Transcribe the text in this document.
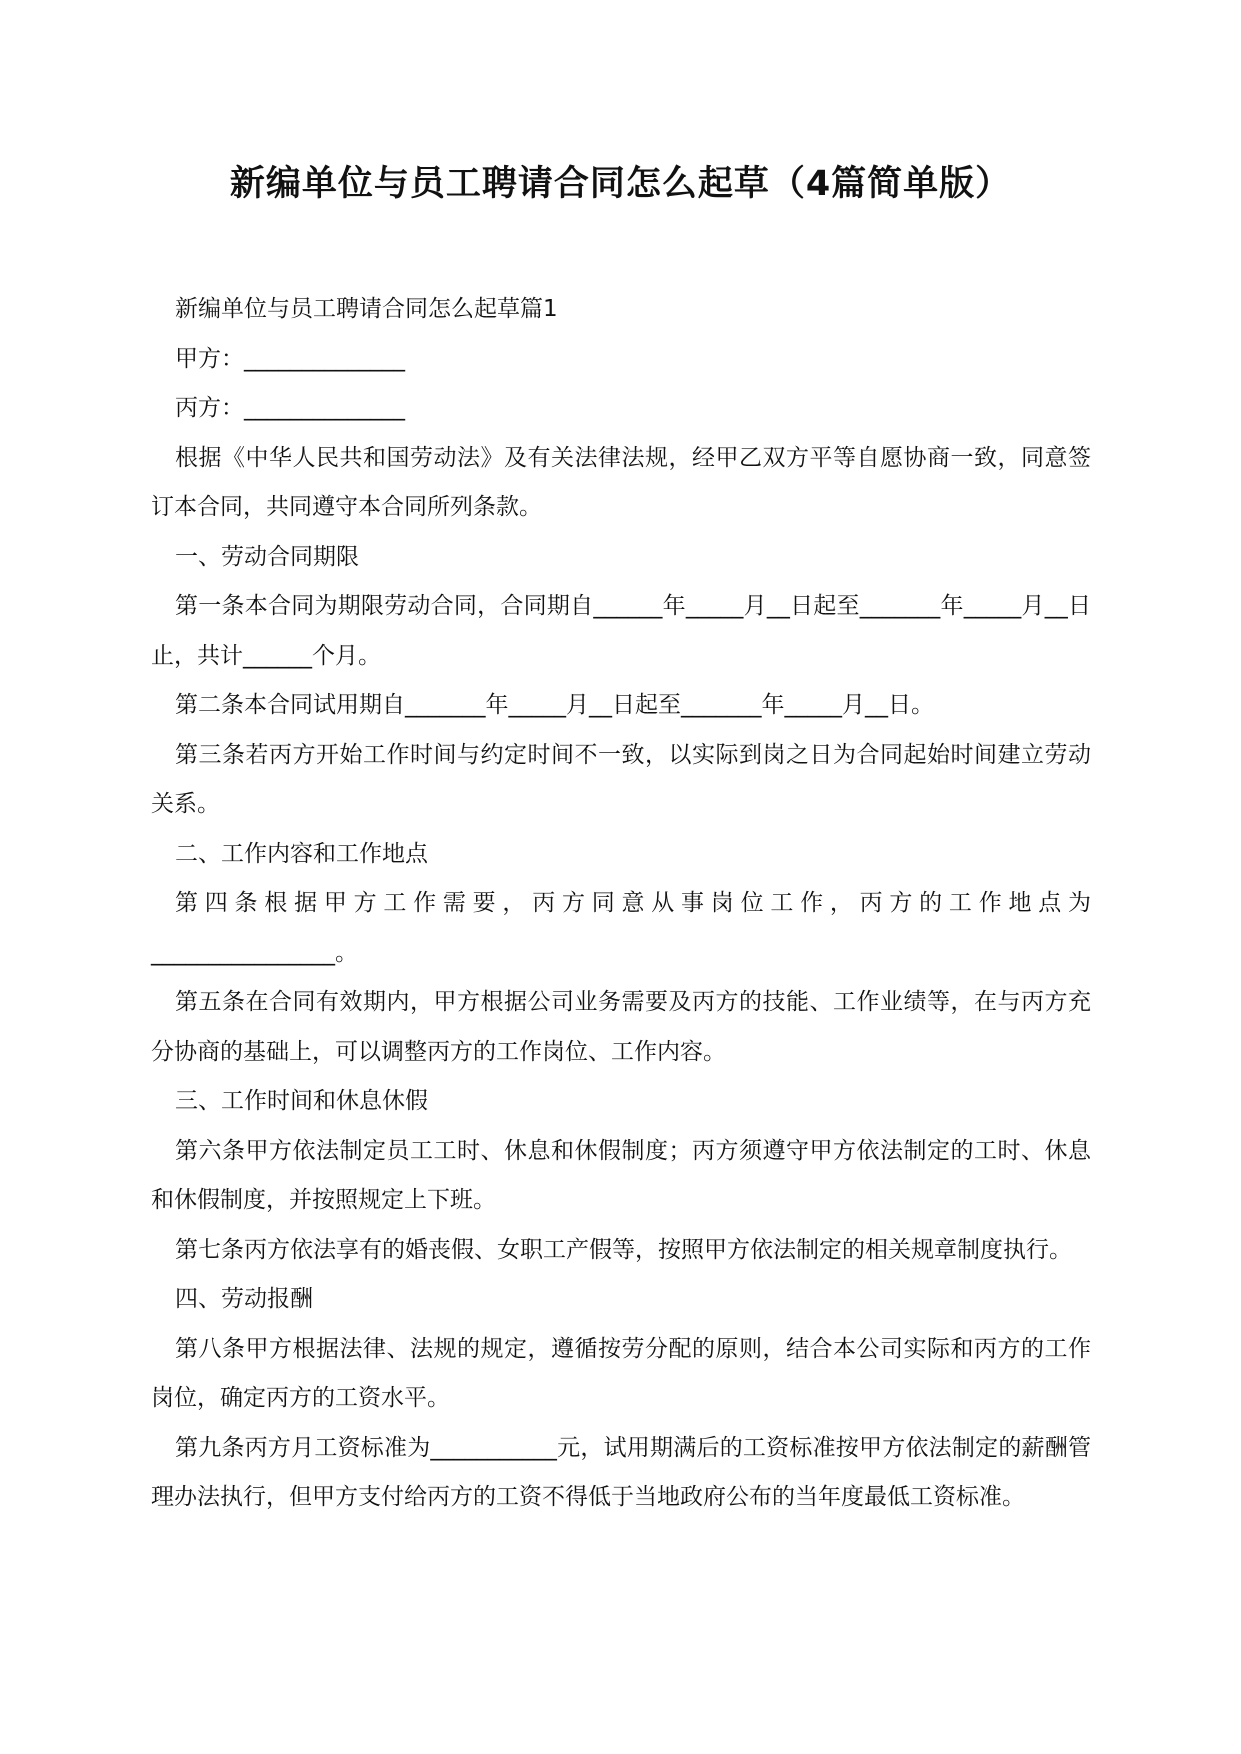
新编单位与员工聘请合同怎么起草（4篇简单版）

新编单位与员工聘请合同怎么起草篇1

甲方：______________

丙方：______________

根据《中华人民共和国劳动法》及有关法律法规，经甲乙双方平等自愿协商一致，同意签订本合同，共同遵守本合同所列条款。

一、劳动合同期限

第一条本合同为期限劳动合同，合同期自______年_____月__日起至_______年_____月__日止，共计______个月。

第二条本合同试用期自_______年_____月__日起至_______年_____月__日。

第三条若丙方开始工作时间与约定时间不一致，以实际到岗之日为合同起始时间建立劳动关系。

二、工作内容和工作地点

第四条根据甲方工作需要，丙方同意从事岗位工作，丙方的工作地点为________________。

第五条在合同有效期内，甲方根据公司业务需要及丙方的技能、工作业绩等，在与丙方充分协商的基础上，可以调整丙方的工作岗位、工作内容。

三、工作时间和休息休假

第六条甲方依法制定员工工时、休息和休假制度；丙方须遵守甲方依法制定的工时、休息和休假制度，并按照规定上下班。

第七条丙方依法享有的婚丧假、女职工产假等，按照甲方依法制定的相关规章制度执行。

四、劳动报酬

第八条甲方根据法律、法规的规定，遵循按劳分配的原则，结合本公司实际和丙方的工作岗位，确定丙方的工资水平。

第九条丙方月工资标准为___________元，试用期满后的工资标准按甲方依法制定的薪酬管理办法执行，但甲方支付给丙方的工资不得低于当地政府公布的当年度最低工资标准。
